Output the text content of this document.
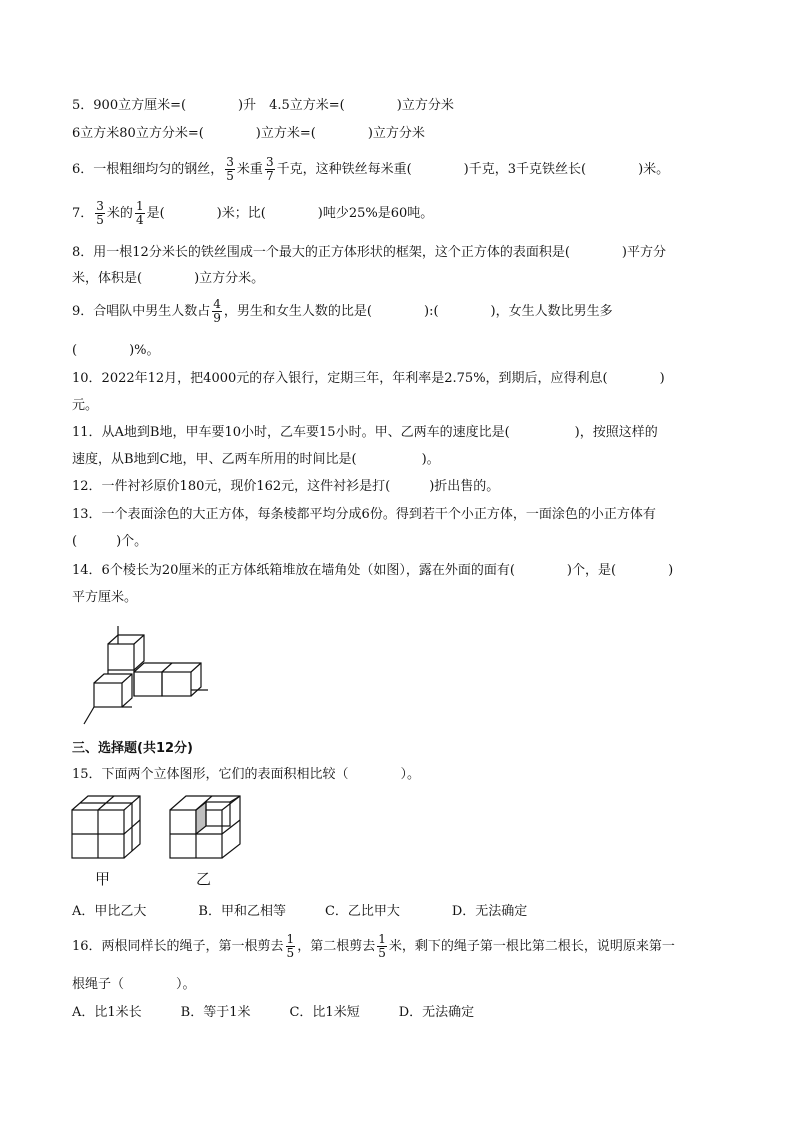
5．900立方厘米=(　　　　)升　4.5立方米=(　　　　)立方分米
6立方米80立方分米=(　　　　)立方米=(　　　　)立方分米
6．一根粗细均匀的钢丝， $\frac{3}{5}$ 米重 $\frac{3}{7}$ 千克，这种铁丝每米重(　　　　)千克，3千克铁丝长(　　　　)米。
7． $\frac{3}{5}$ 米的 $\frac{1}{4}$ 是(　　　　)米；比(　　　　)吨少25%是60吨。
8．用一根12分米长的铁丝围成一个最大的正方体形状的框架，这个正方体的表面积是(　　　　)平方分
米，体积是(　　　　)立方分米。
9．合唱队中男生人数占 $\frac{4}{9}$ ，男生和女生人数的比是(　　　　):(　　　　)，女生人数比男生多
(　　　　)%。
10．2022年12月，把4000元的存入银行，定期三年，年利率是2.75%，到期后，应得利息(　　　　)
元。
11．从A地到B地，甲车要10小时，乙车要15小时。甲、乙两车的速度比是(　　　　　)，按照这样的
速度，从B地到C地，甲、乙两车所用的时间比是(　　　　　)。
12．一件衬衫原价180元，现价162元，这件衬衫是打(　　　)折出售的。
13．一个表面涂色的大正方体，每条棱都平均分成6份。得到若干个小正方体，一面涂色的小正方体有
(　　　)个。
14．6个棱长为20厘米的正方体纸箱堆放在墙角处（如图），露在外面的面有(　　　　)个，是(　　　　)
平方厘米。
三、选择题(共12分)
15．下面两个立体图形，它们的表面积相比较（　　　　）。
甲	乙
A．甲比乙大　　　　B．甲和乙相等　　　C．乙比甲大　　　　D．无法确定
16．两根同样长的绳子，第一根剪去 $\frac{1}{5}$ ，第二根剪去 $\frac{1}{5}$ 米，剩下的绳子第一根比第二根长，说明原来第一
根绳子（　　　　）。
A．比1米长　　　B．等于1米　　　C．比1米短　　　D．无法确定
